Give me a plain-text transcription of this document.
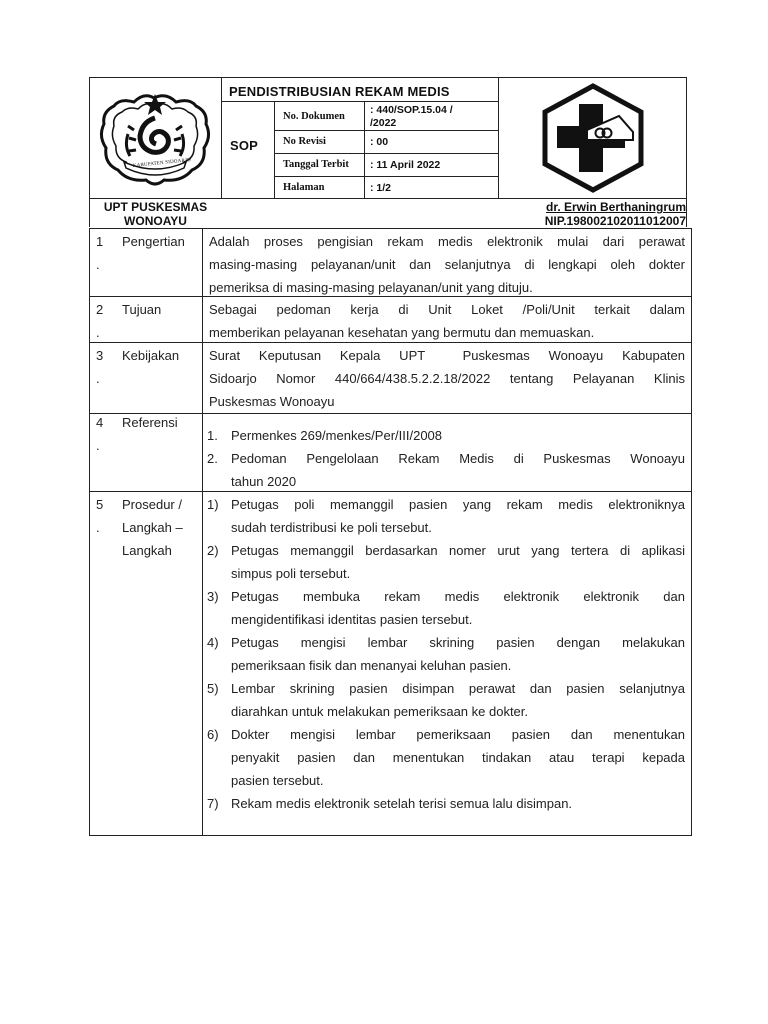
KABUPATEN SIDOARJO
PENDISTRIBUSIAN REKAM MEDIS
SOP
No. Dokumen
: 440/SOP.15.04 /
/2022
No Revisi	: 00
Tanggal Terbit : 11 April 2022
Halaman	: 1/2
UPT PUSKESMAS
WONOAYU
dr. Erwin Berthaningrum
NIP.198002102011012007
1
.
Pengertian Adalah proses pengisian rekam medis elektronik mulai dari perawat
masing-masing pelayanan/unit dan selanjutnya di lengkapi oleh dokter
pemeriksa di masing-masing pelayanan/unit yang dituju.
2
.
Tujuan	Sebagai pedoman kerja di Unit Loket /Poli/Unit terkait dalam
memberikan pelayanan kesehatan yang bermutu dan memuaskan.
3
.
Kebijakan Surat Keputusan Kepala UPT  Puskesmas Wonoayu Kabupaten
Sidoarjo Nomor 440/664/438.5.2.2.18/2022 tentang Pelayanan Klinis
Puskesmas Wonoayu
4
.
Referensi
1. Permenkes 269/menkes/Per/III/2008
2. Pedoman Pengelolaan Rekam Medis di Puskesmas Wonoayu
tahun 2020
5
.
Prosedur /
Langkah –
Langkah
1) Petugas poli memanggil pasien yang rekam medis elektroniknya
sudah terdistribusi ke poli tersebut.
2) Petugas memanggil berdasarkan nomer urut yang tertera di aplikasi
simpus poli tersebut.
3) Petugas membuka rekam medis elektronik elektronik dan
mengidentifikasi identitas pasien tersebut.
4) Petugas mengisi lembar skrining pasien dengan melakukan
pemeriksaan fisik dan menanyai keluhan pasien.
5) Lembar skrining pasien disimpan perawat dan pasien selanjutnya
diarahkan untuk melakukan pemeriksaan ke dokter.
6) Dokter mengisi lembar pemeriksaan pasien dan menentukan
penyakit pasien dan menentukan tindakan atau terapi kepada
pasien tersebut.
7) Rekam medis elektronik setelah terisi semua lalu disimpan.
